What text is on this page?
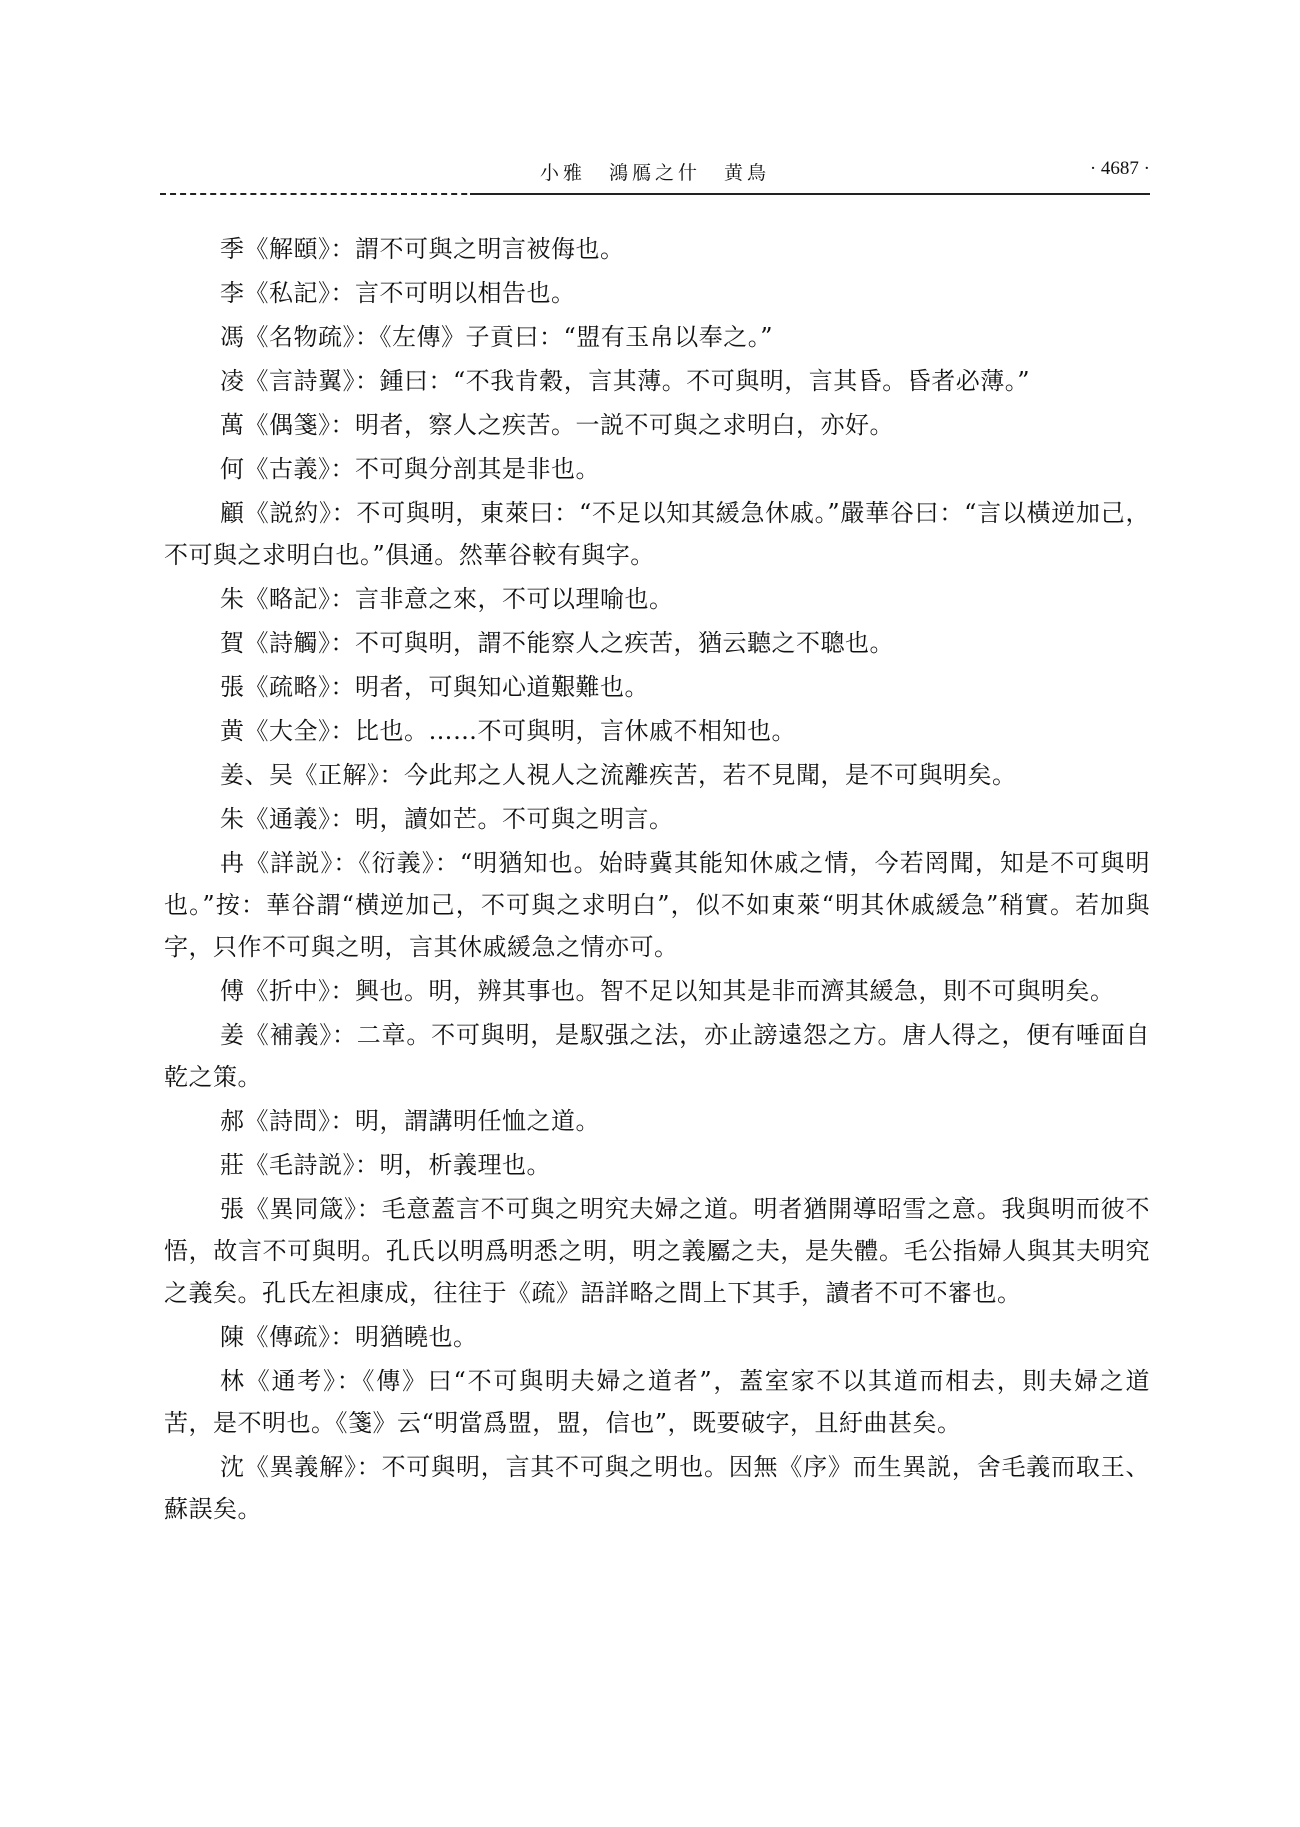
小雅　鴻鴈之什　黄鳥	· 4687 ·

季《解頤》：謂不可與之明言被侮也。

李《私記》：言不可明以相告也。

馮《名物疏》：《左傳》子貢曰：“盟有玉帛以奉之。”

凌《言詩翼》：鍾曰：“不我肯穀，言其薄。不可與明，言其昏。昏者必薄。”

萬《偶箋》：明者，察人之疾苦。一説不可與之求明白，亦好。

何《古義》：不可與分剖其是非也。

顧《説約》：不可與明，東萊曰：“不足以知其緩急休戚。”嚴華谷曰：“言以橫逆加己，不可與之求明白也。”俱通。然華谷較有與字。

朱《略記》：言非意之來，不可以理喻也。

賀《詩觸》：不可與明，謂不能察人之疾苦，猶云聽之不聰也。

張《疏略》：明者，可與知心道艱難也。

黄《大全》：比也。……不可與明，言休戚不相知也。

姜、吴《正解》：今此邦之人視人之流離疾苦，若不見聞，是不可與明矣。

朱《通義》：明，讀如芒。不可與之明言。

冉《詳説》：《衍義》：“明猶知也。始時冀其能知休戚之情，今若罔聞，知是不可與明也。”按：華谷謂“横逆加己，不可與之求明白”，似不如東萊“明其休戚緩急”稍實。若加與字，只作不可與之明，言其休戚緩急之情亦可。

傅《折中》：興也。明，辨其事也。智不足以知其是非而濟其緩急，則不可與明矣。

姜《補義》：二章。不可與明，是馭强之法，亦止謗遠怨之方。唐人得之，便有唾面自乾之策。

郝《詩問》：明，謂講明任恤之道。

莊《毛詩説》：明，析義理也。

張《異同箴》：毛意蓋言不可與之明究夫婦之道。明者猶開導昭雪之意。我與明而彼不悟，故言不可與明。孔氏以明爲明悉之明，明之義屬之夫，是失體。毛公指婦人與其夫明究之義矣。孔氏左袒康成，往往于《疏》語詳略之間上下其手，讀者不可不審也。

陳《傳疏》：明猶曉也。

林《通考》：《傳》曰“不可與明夫婦之道者”，蓋室家不以其道而相去，則夫婦之道苦，是不明也。《箋》云“明當爲盟，盟，信也”，既要破字，且紆曲甚矣。

沈《異義解》：不可與明，言其不可與之明也。因無《序》而生異説，舍毛義而取王、蘇誤矣。
